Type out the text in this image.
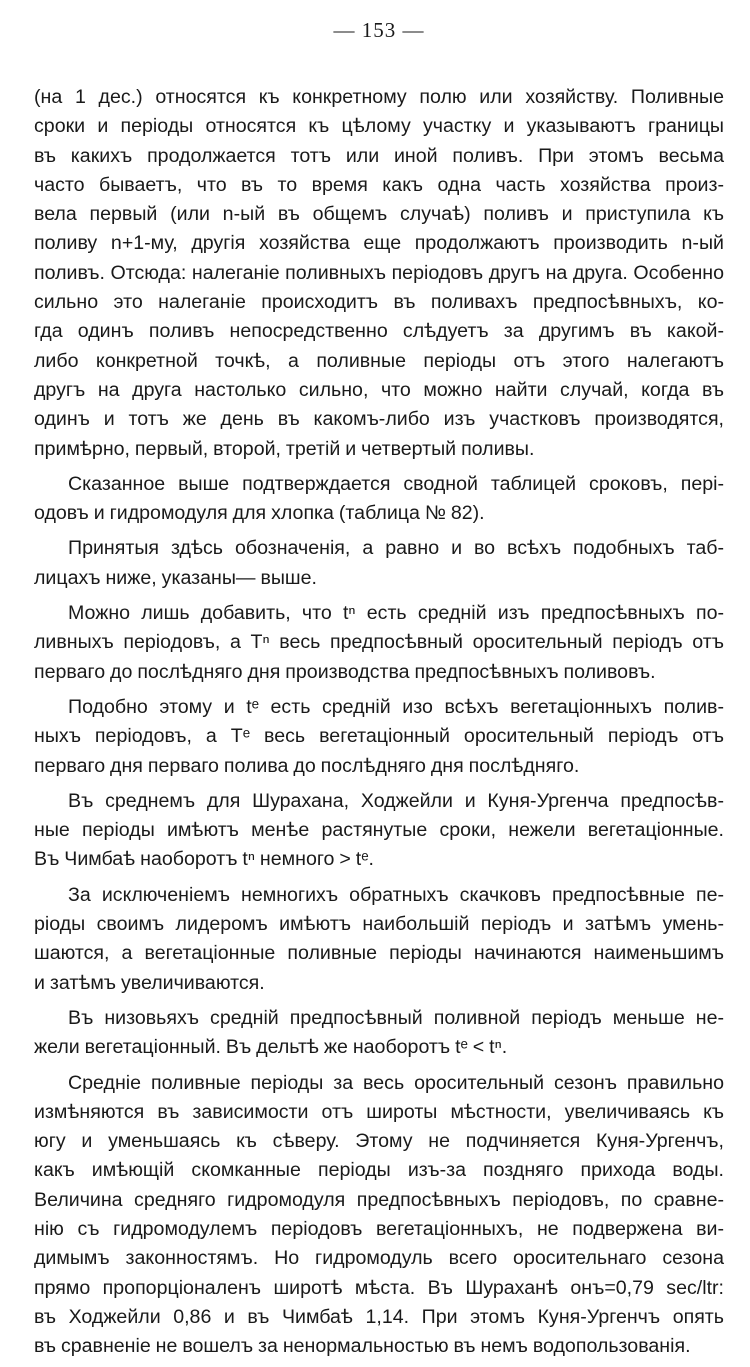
— 153 —
(на 1 дес.) относятся къ конкретному полю или хозяйству. Поливные
сроки и періоды относятся къ цѣлому участку и указываютъ границы
въ какихъ продолжается тотъ или иной поливъ. При этомъ весьма
часто бываетъ, что въ то время какъ одна часть хозяйства произ-
вела первый (или n-ый въ общемъ случаѣ) поливъ и приступила къ
поливу n+1-му, другія хозяйства еще продолжаютъ производить n-ый
поливъ. Отсюда: налеганіе поливныхъ періодовъ другъ на друга. Особенно
сильно это налеганіе происходитъ въ поливахъ предпосѣвныхъ, ко-
гда одинъ поливъ непосредственно слѣдуетъ за другимъ въ какой-
либо конкретной точкѣ, а поливные періоды отъ этого налегаютъ
другъ на друга настолько сильно, что можно найти случай, когда въ
одинъ и тотъ же день въ какомъ-либо изъ участковъ производятся,
примѣрно, первый, второй, третій и четвертый поливы.
Сказанное выше подтверждается сводной таблицей сроковъ, пері-
одовъ и гидромодуля для хлопка (таблица № 82).
Принятыя здѣсь обозначенія, а равно и во всѣхъ подобныхъ таб-
лицахъ ниже, указаны— выше.
Можно лишь добавить, что tⁿ есть средній изъ предпосѣвныхъ по-
ливныхъ періодовъ, а Tⁿ весь предпосѣвный оросительный періодъ отъ
перваго до послѣдняго дня производства предпосѣвныхъ поливовъ.
Подобно этому и tᵉ есть средній изо всѣхъ вегетаціонныхъ полив-
ныхъ періодовъ, а Tᵉ весь вегетаціонный оросительный періодъ отъ
перваго дня перваго полива до послѣдняго дня послѣдняго.
Въ среднемъ для Шурахана, Ходжейли и Куня-Ургенча предпосѣв-
ные періоды имѣютъ менѣе растянутые сроки, нежели вегетаціонные.
Въ Чимбаѣ наоборотъ tⁿ немного > tᵉ.
За исключеніемъ немногихъ обратныхъ скачковъ предпосѣвные пе-
ріоды своимъ лидеромъ имѣютъ наибольшій періодъ и затѣмъ умень-
шаются, а вегетаціонные поливные періоды начинаются наименьшимъ
и затѣмъ увеличиваются.
Въ низовьяхъ средній предпосѣвный поливной періодъ меньше не-
жели вегетаціонный. Въ дельтѣ же наоборотъ tᵉ < tⁿ.
Средніе поливные періоды за весь оросительный сезонъ правильно
измѣняются въ зависимости отъ широты мѣстности, увеличиваясь къ
югу и уменьшаясь къ сѣверу. Этому не подчиняется Куня-Ургенчъ,
какъ имѣющій скомканные періоды изъ-за поздняго прихода воды.
Величина средняго гидромодуля предпосѣвныхъ періодовъ, по сравне-
нію съ гидромодулемъ періодовъ вегетаціонныхъ, не подвержена ви-
димымъ законностямъ. Но гидромодуль всего оросительнаго сезона
прямо пропорціоналенъ широтѣ мѣста. Въ Шураханѣ онъ=0,79 sec/ltr:
въ Ходжейли 0,86 и въ Чимбаѣ 1,14. При этомъ Куня-Ургенчъ опять
въ сравненіе не вошелъ за ненормальностью въ немъ водопользованія.
